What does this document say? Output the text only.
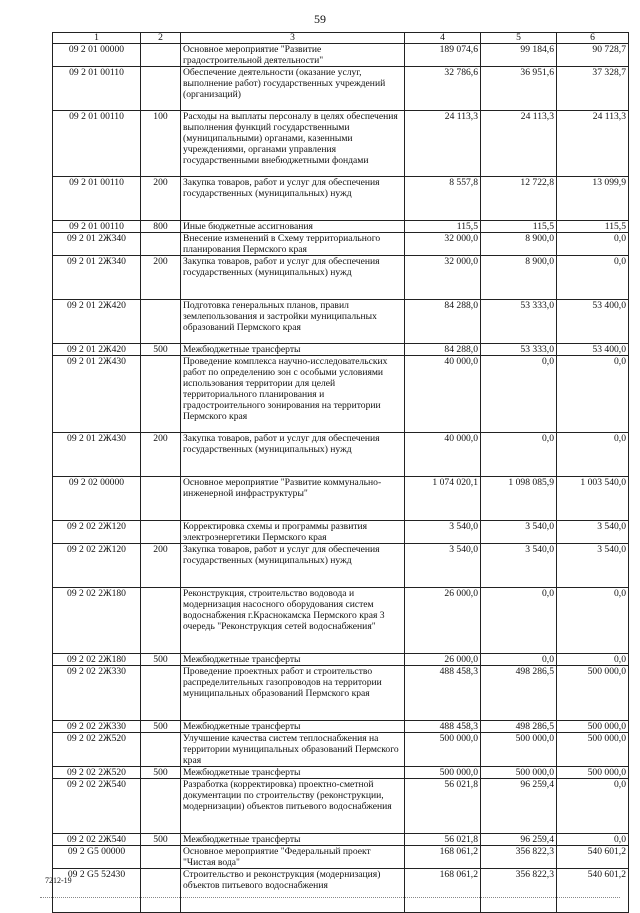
59
1	2	3	4	5	6
09 2 01 00000		Основное мероприятие "Развитие градостроительной деятельности"	189 074,6	99 184,6	90 728,7
09 2 01 00110		Обеспечение деятельности (оказание услуг, выполнение работ) государственных учреждений (организаций)	32 786,6	36 951,6	37 328,7
09 2 01 00110	100	Расходы на выплаты персоналу в целях обеспечения выполнения функций государственными (муниципальными) органами, казенными учреждениями, органами управления государственными внебюджетными фондами	24 113,3	24 113,3	24 113,3
09 2 01 00110	200	Закупка товаров, работ и услуг для обеспечения государственных (муниципальных) нужд	8 557,8	12 722,8	13 099,9
09 2 01 00110	800	Иные бюджетные ассигнования	115,5	115,5	115,5
09 2 01 2Ж340		Внесение изменений в Схему территориального планирования Пермского края	32 000,0	8 900,0	0,0
09 2 01 2Ж340	200	Закупка товаров, работ и услуг для обеспечения государственных (муниципальных) нужд	32 000,0	8 900,0	0,0
09 2 01 2Ж420		Подготовка генеральных планов, правил землепользования и застройки муниципальных образований Пермского края	84 288,0	53 333,0	53 400,0
09 2 01 2Ж420	500	Межбюджетные трансферты	84 288,0	53 333,0	53 400,0
09 2 01 2Ж430		Проведение комплекса научно-исследовательских работ по определению зон с особыми условиями использования территории для целей территориального планирования и градостроительного зонирования на территории Пермского края	40 000,0	0,0	0,0
09 2 01 2Ж430	200	Закупка товаров, работ и услуг для обеспечения государственных (муниципальных) нужд	40 000,0	0,0	0,0
09 2 02 00000		Основное мероприятие "Развитие коммунально-инженерной инфраструктуры"	1 074 020,1	1 098 085,9	1 003 540,0
09 2 02 2Ж120		Корректировка схемы и программы развития электроэнергетики Пермского края	3 540,0	3 540,0	3 540,0
09 2 02 2Ж120	200	Закупка товаров, работ и услуг для обеспечения государственных (муниципальных) нужд	3 540,0	3 540,0	3 540,0
09 2 02 2Ж180		Реконструкция, строительство водовода и модернизация насосного оборудования систем водоснабжения г.Краснокамска Пермского края 3 очередь "Реконструкция сетей водоснабжения"	26 000,0	0,0	0,0
09 2 02 2Ж180	500	Межбюджетные трансферты	26 000,0	0,0	0,0
09 2 02 2Ж330		Проведение проектных работ и строительство распределительных газопроводов на территории муниципальных образований Пермского края	488 458,3	498 286,5	500 000,0
09 2 02 2Ж330	500	Межбюджетные трансферты	488 458,3	498 286,5	500 000,0
09 2 02 2Ж520		Улучшение качества систем теплоснабжения на территории муниципальных образований Пермского края	500 000,0	500 000,0	500 000,0
09 2 02 2Ж520	500	Межбюджетные трансферты	500 000,0	500 000,0	500 000,0
09 2 02 2Ж540		Разработка (корректировка) проектно-сметной документации по строительству (реконструкции, модернизации) объектов питьевого водоснабжения	56 021,8	96 259,4	0,0
09 2 02 2Ж540	500	Межбюджетные трансферты	56 021,8	96 259,4	0,0
09 2 G5 00000		Основное мероприятие "Федеральный проект "Чистая вода"	168 061,2	356 822,3	540 601,2
09 2 G5 52430		Строительство и реконструкция (модернизация) объектов питьевого водоснабжения	168 061,2	356 822,3	540 601,2
7212-19
